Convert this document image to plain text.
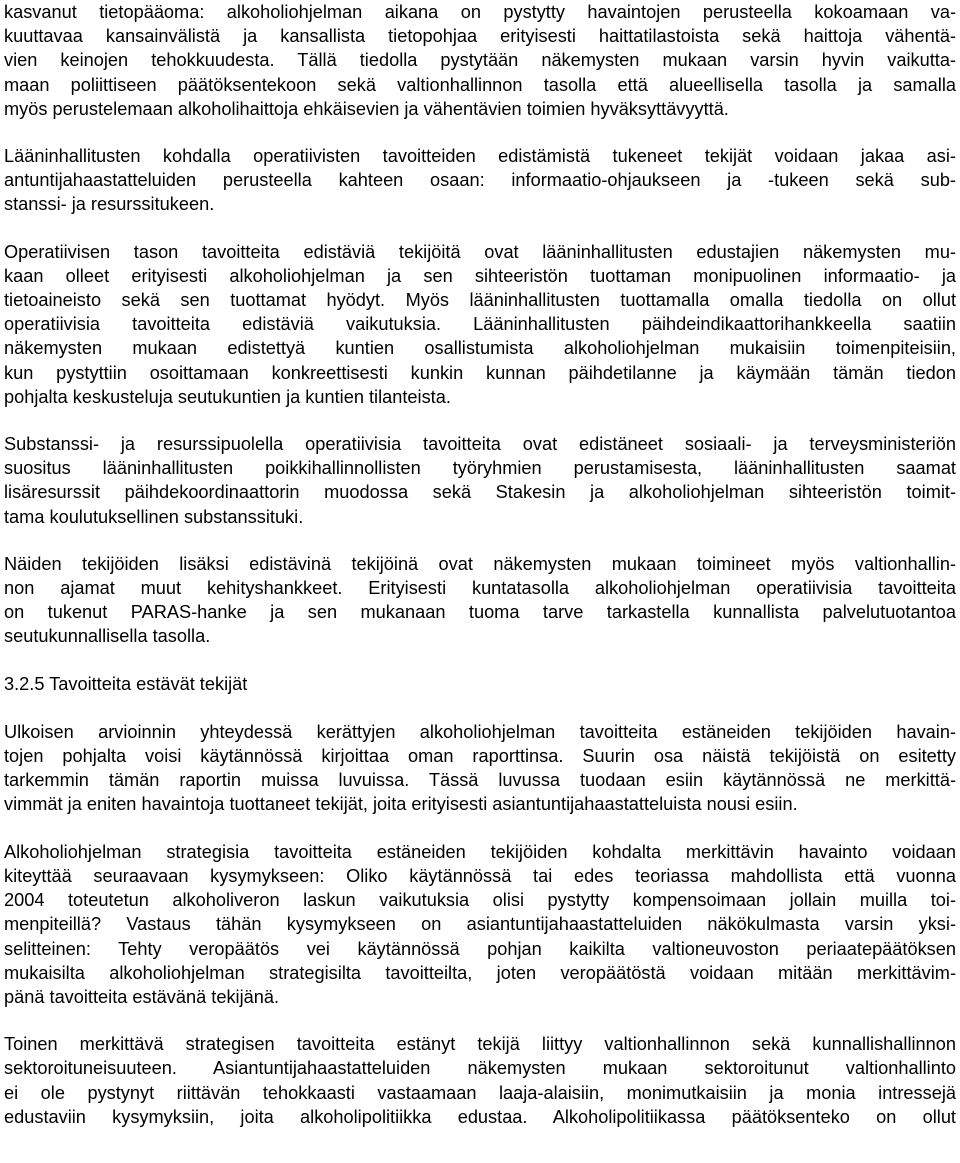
kasvanut tietopääoma: alkoholiohjelman aikana on pystytty havaintojen perusteella kokoamaan va-
kuuttavaa kansainvälistä ja kansallista tietopohjaa erityisesti haittatilastoista sekä haittoja vähentä-
vien keinojen tehokkuudesta. Tällä tiedolla pystytään näkemysten mukaan varsin hyvin vaikutta-
maan poliittiseen päätöksentekoon sekä valtionhallinnon tasolla että alueellisella tasolla ja samalla
myös perustelemaan alkoholihaittoja ehkäisevien ja vähentävien toimien hyväksyttävyyttä.
Lääninhallitusten kohdalla operatiivisten tavoitteiden edistämistä tukeneet tekijät voidaan jakaa asi-
antuntijahaastatteluiden perusteella kahteen osaan: informaatio-ohjaukseen ja -tukeen sekä sub-
stanssi- ja resurssitukeen.
Operatiivisen tason tavoitteita edistäviä tekijöitä ovat lääninhallitusten edustajien näkemysten mu-
kaan olleet erityisesti alkoholiohjelman ja sen sihteeristön tuottaman monipuolinen informaatio- ja
tietoaineisto sekä sen tuottamat hyödyt. Myös lääninhallitusten tuottamalla omalla tiedolla on ollut
operatiivisia tavoitteita edistäviä vaikutuksia. Lääninhallitusten päihdeindikaattorihankkeella saatiin
näkemysten mukaan edistettyä kuntien osallistumista alkoholiohjelman mukaisiin toimenpiteisiin,
kun pystyttiin osoittamaan konkreettisesti kunkin kunnan päihdetilanne ja käymään tämän tiedon
pohjalta keskusteluja seutukuntien ja kuntien tilanteista.
Substanssi- ja resurssipuolella operatiivisia tavoitteita ovat edistäneet sosiaali- ja terveysministeriön
suositus lääninhallitusten poikkihallinnollisten työryhmien perustamisesta, lääninhallitusten saamat
lisäresurssit päihdekoordinaattorin muodossa sekä Stakesin ja alkoholiohjelman sihteeristön toimit-
tama koulutuksellinen substanssituki.
Näiden tekijöiden lisäksi edistävinä tekijöinä ovat näkemysten mukaan toimineet myös valtionhallin-
non ajamat muut kehityshankkeet. Erityisesti kuntatasolla alkoholiohjelman operatiivisia tavoitteita
on tukenut PARAS-hanke ja sen mukanaan tuoma tarve tarkastella kunnallista palvelutuotantoa
seutukunnallisella tasolla.
3.2.5 Tavoitteita estävät tekijät
Ulkoisen arvioinnin yhteydessä kerättyjen alkoholiohjelman tavoitteita estäneiden tekijöiden havain-
tojen pohjalta voisi käytännössä kirjoittaa oman raporttinsa. Suurin osa näistä tekijöistä on esitetty
tarkemmin tämän raportin muissa luvuissa. Tässä luvussa tuodaan esiin käytännössä ne merkittä-
vimmät ja eniten havaintoja tuottaneet tekijät, joita erityisesti asiantuntijahaastatteluista nousi esiin.
Alkoholiohjelman strategisia tavoitteita estäneiden tekijöiden kohdalta merkittävin havainto voidaan
kiteyttää seuraavaan kysymykseen: Oliko käytännössä tai edes teoriassa mahdollista että vuonna
2004 toteutetun alkoholiveron laskun vaikutuksia olisi pystytty kompensoimaan jollain muilla toi-
menpiteillä? Vastaus tähän kysymykseen on asiantuntijahaastatteluiden näkökulmasta varsin yksi-
selitteinen: Tehty veropäätös vei käytännössä pohjan kaikilta valtioneuvoston periaatepäätöksen
mukaisilta alkoholiohjelman strategisilta tavoitteilta, joten veropäätöstä voidaan mitään merkittävim-
pänä tavoitteita estävänä tekijänä.
Toinen merkittävä strategisen tavoitteita estänyt tekijä liittyy valtionhallinnon sekä kunnallishallinnon
sektoroituneisuuteen. Asiantuntijahaastatteluiden näkemysten mukaan sektoroitunut valtionhallinto
ei ole pystynyt riittävän tehokkaasti vastaamaan laaja-alaisiin, monimutkaisiin ja monia intressejä
edustaviin kysymyksiin, joita alkoholipolitiikka edustaa. Alkoholipolitiikassa päätöksenteko on ollut
